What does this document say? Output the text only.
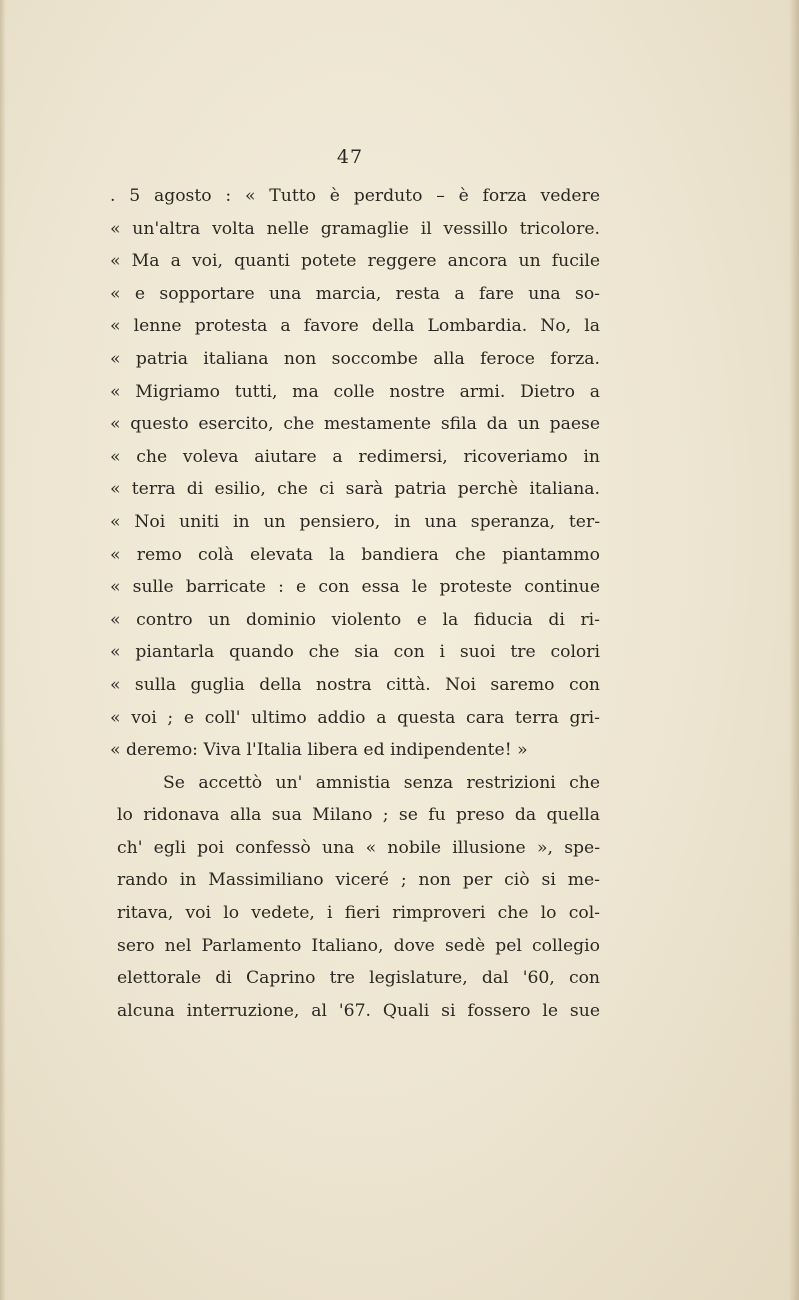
47
. 5 agosto : « Tutto è perduto – è forza vedere
« un'altra volta nelle gramaglie il vessillo tricolore.
« Ma a voi, quanti potete reggere ancora un fucile
« e sopportare una marcia, resta a fare una so-
« lenne protesta a favore della Lombardia. No, la
« patria italiana non soccombe alla feroce forza.
« Migriamo tutti, ma colle nostre armi. Dietro a
« questo esercito, che mestamente sfila da un paese
« che voleva aiutare a redimersi, ricoveriamo in
« terra di esilio, che ci sarà patria perchè italiana.
« Noi uniti in un pensiero, in una speranza, ter-
« remo colà elevata la bandiera che piantammo
« sulle barricate : e con essa le proteste continue
« contro un dominio violento e la fiducia di ri-
« piantarla quando che sia con i suoi tre colori
« sulla guglia della nostra città. Noi saremo con
« voi ; e coll' ultimo addio a questa cara terra gri-
« deremo: Viva l'Italia libera ed indipendente! »
Se accettò un' amnistia senza restrizioni che
lo ridonava alla sua Milano ; se fu preso da quella
ch' egli poi confessò una « nobile illusione », spe-
rando in Massimiliano viceré ; non per ciò si me-
ritava, voi lo vedete, i fieri rimproveri che lo col-
sero nel Parlamento Italiano, dove sedè pel collegio
elettorale di Caprino tre legislature, dal '60, con
alcuna interruzione, al '67. Quali si fossero le sue
